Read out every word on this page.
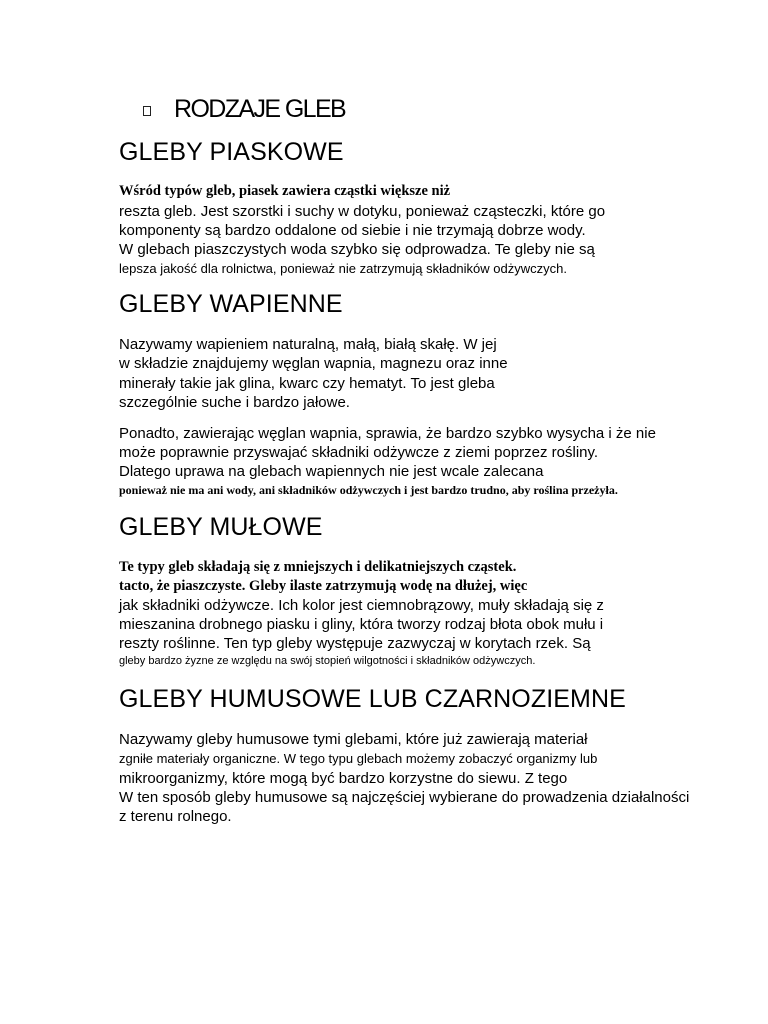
RODZAJE GLEB
GLEBY PIASKOWE
Wśród typów gleb, piasek zawiera cząstki większe niż
reszta gleb. Jest szorstki i suchy w dotyku, ponieważ cząsteczki, które go
komponenty są bardzo oddalone od siebie i nie trzymają dobrze wody.
W glebach piaszczystych woda szybko się odprowadza. Te gleby nie są
lepsza jakość dla rolnictwa, ponieważ nie zatrzymują składników odżywczych.
GLEBY WAPIENNE
Nazywamy wapieniem naturalną, małą, białą skałę. W jej
w składzie znajdujemy węglan wapnia, magnezu oraz inne
minerały takie jak glina, kwarc czy hematyt. To jest gleba
szczególnie suche i bardzo jałowe.
Ponadto, zawierając węglan wapnia, sprawia, że bardzo szybko wysycha i że nie
może poprawnie przyswajać składniki odżywcze z ziemi poprzez rośliny.
Dlatego uprawa na glebach wapiennych nie jest wcale zalecana
ponieważ nie ma ani wody, ani składników odżywczych i jest bardzo trudno, aby roślina przeżyła.
GLEBY MUŁOWE
Te typy gleb składają się z mniejszych i delikatniejszych cząstek.
tacto, że piaszczyste. Gleby ilaste zatrzymują wodę na dłużej, więc
jak składniki odżywcze. Ich kolor jest ciemnobrązowy, muły składają się z
mieszanina drobnego piasku i gliny, która tworzy rodzaj błota obok mułu i
reszty roślinne. Ten typ gleby występuje zazwyczaj w korytach rzek. Są
gleby bardzo żyzne ze względu na swój stopień wilgotności i składników odżywczych.
GLEBY HUMUSOWE LUB CZARNOZIEMNE
Nazywamy gleby humusowe tymi glebami, które już zawierają materiał
zgniłe materiały organiczne. W tego typu glebach możemy zobaczyć organizmy lub
mikroorganizmy, które mogą być bardzo korzystne do siewu. Z tego
W ten sposób gleby humusowe są najczęściej wybierane do prowadzenia działalności
z terenu rolnego.
